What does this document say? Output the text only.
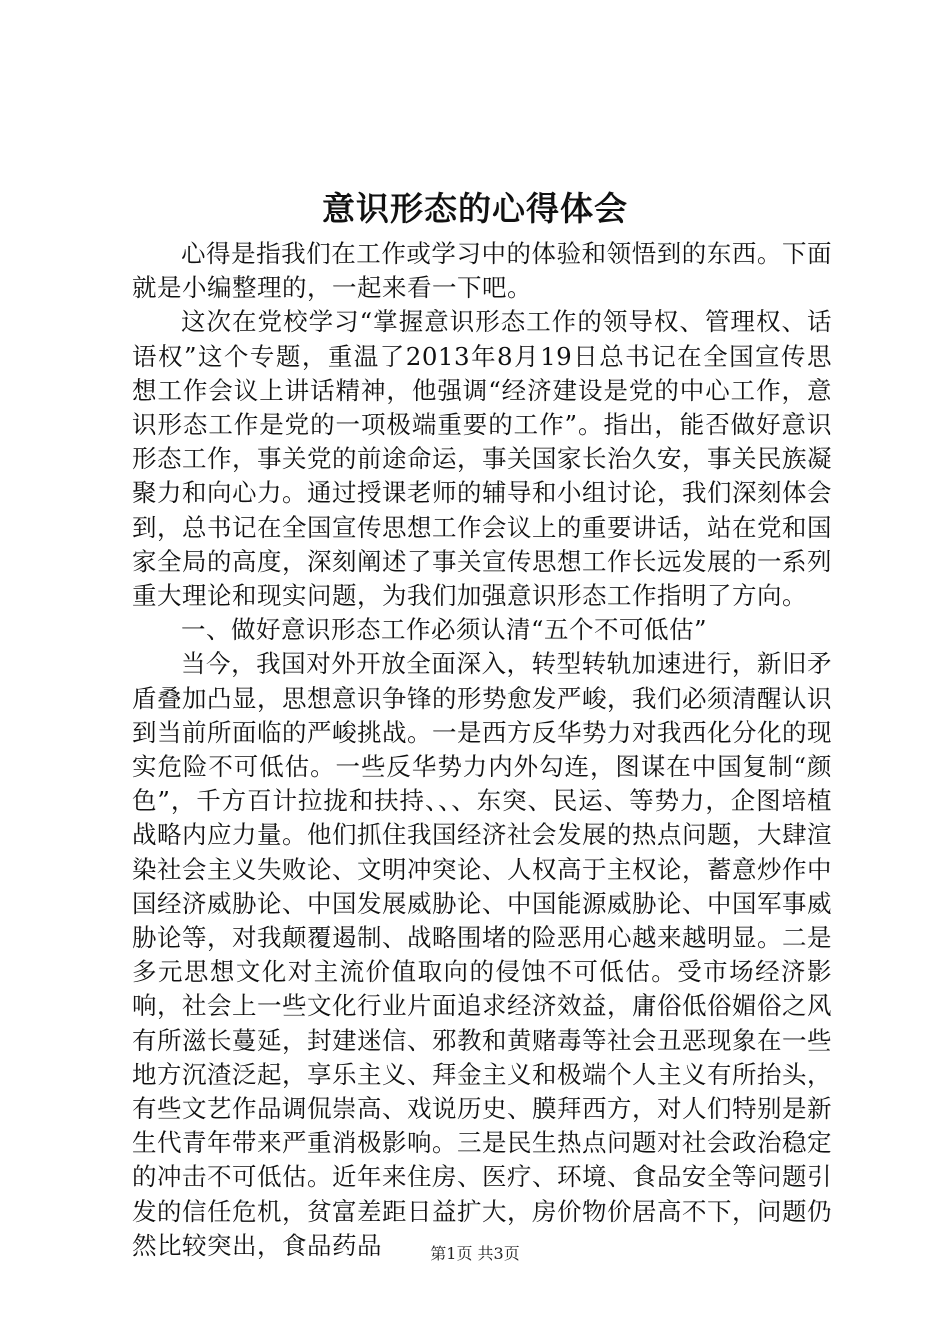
意识形态的心得体会

心得是指我们在工作或学习中的体验和领悟到的东西。下面就是小编整理的，一起来看一下吧。

这次在党校学习“掌握意识形态工作的领导权、管理权、话语权”这个专题，重温了2013年8月19日总书记在全国宣传思想工作会议上讲话精神，他强调“经济建设是党的中心工作，意识形态工作是党的一项极端重要的工作”。指出，能否做好意识形态工作，事关党的前途命运，事关国家长治久安，事关民族凝聚力和向心力。通过授课老师的辅导和小组讨论，我们深刻体会到，总书记在全国宣传思想工作会议上的重要讲话，站在党和国家全局的高度，深刻阐述了事关宣传思想工作长远发展的一系列重大理论和现实问题，为我们加强意识形态工作指明了方向。

一、做好意识形态工作必须认清“五个不可低估”

当今，我国对外开放全面深入，转型转轨加速进行，新旧矛盾叠加凸显，思想意识争锋的形势愈发严峻，我们必须清醒认识到当前所面临的严峻挑战。一是西方反华势力对我西化分化的现实危险不可低估。一些反华势力内外勾连，图谋在中国复制“颜色”，千方百计拉拢和扶持、、、东突、民运、等势力，企图培植战略内应力量。他们抓住我国经济社会发展的热点问题，大肆渲染社会主义失败论、文明冲突论、人权高于主权论，蓄意炒作中国经济威胁论、中国发展威胁论、中国能源威胁论、中国军事威胁论等，对我颠覆遏制、战略围堵的险恶用心越来越明显。二是多元思想文化对主流价值取向的侵蚀不可低估。受市场经济影响，社会上一些文化行业片面追求经济效益，庸俗低俗媚俗之风有所滋长蔓延，封建迷信、邪教和黄赌毒等社会丑恶现象在一些地方沉渣泛起，享乐主义、拜金主义和极端个人主义有所抬头，有些文艺作品调侃崇高、戏说历史、膜拜西方，对人们特别是新生代青年带来严重消极影响。三是民生热点问题对社会政治稳定的冲击不可低估。近年来住房、医疗、环境、食品安全等问题引发的信任危机，贫富差距日益扩大，房价物价居高不下，问题仍然比较突出，食品药品	第1页 共3页
